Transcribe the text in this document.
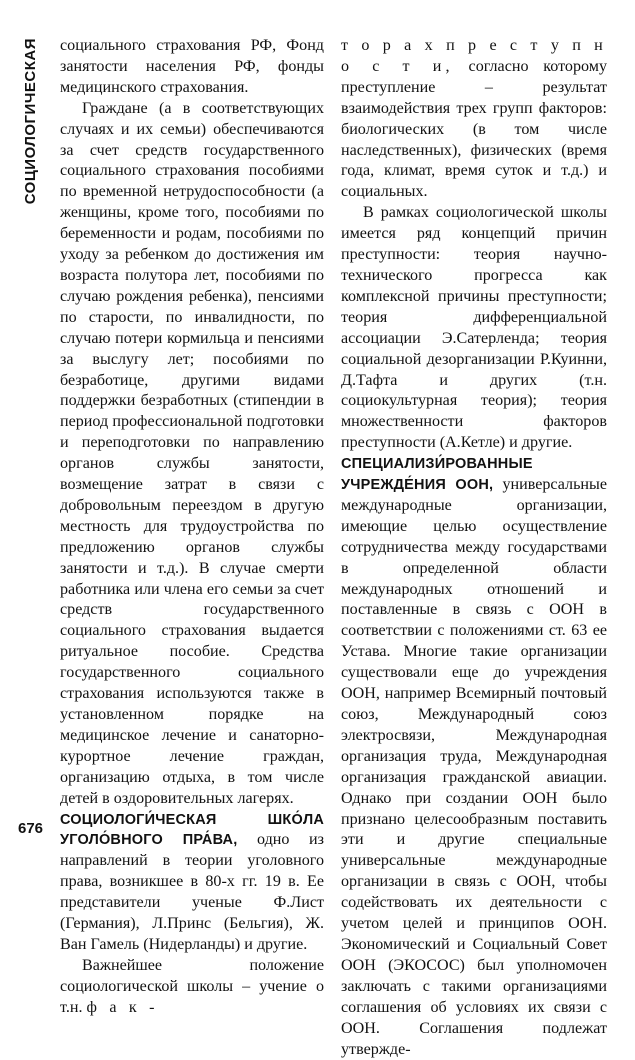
СОЦИОЛОГИЧЕСКАЯ социального страхования РФ, Фонд занятости населения РФ, фонды медицинского страхования.

Граждане (а в соответствующих случаях и их семьи) обеспечиваются за счет средств государственного социального страхования пособиями по временной нетрудоспособности (а женщины, кроме того, пособиями по беременности и родам, пособиями по уходу за ребенком до достижения им возраста полутора лет, пособиями по случаю рождения ребенка), пенсиями по старости, по инвалидности, по случаю потери кормильца и пенсиями за выслугу лет; пособиями по безработице, другими видами поддержки безработных (стипендии в период профессиональной подготовки и переподготовки по направлению органов службы занятости, возмещение затрат в связи с добровольным переездом в другую местность для трудоустройства по предложению органов службы занятости и т.д.). В случае смерти работника или члена его семьи за счет средств государственного социального страхования выдается ритуальное пособие. Средства государственного социального страхования используются также в установленном порядке на медицинское лечение и санаторно-курортное лечение граждан, организацию отдыха, в том числе детей в оздоровительных лагерях.

СОЦИОЛОГИ́ЧЕСКАЯ ШКО́ЛА УГОЛО́ВНОГО ПРА́ВА, одно из направлений в теории уголовного права, возникшее в 80-х гг. 19 в. Ее представители ученые Ф.Лист (Германия), Л.Принс (Бельгия), Ж. Ван Гамель (Нидерланды) и другие.

Важнейшее положение социологической школы – учение о т.н. ф а к -

т о р а х п р е с т у п н о с т и, согласно которому преступление – результат взаимодействия трех групп факторов: биологических (в том числе наследственных), физических (время года, климат, время суток и т.д.) и социальных.

В рамках социологической школы имеется ряд концепций причин преступности: теория научно-технического прогресса как комплексной причины преступности; теория дифференциальной ассоциации Э.Сатерленда; теория социальной дезорганизации Р.Куинни, Д.Тафта и других (т.н. социокультурная теория); теория множественности факторов преступности (А.Кетле) и другие.

СПЕЦИАЛИЗИ́РОВАННЫЕ УЧРЕЖДЕ́НИЯ ООН, универсальные международные организации, имеющие целью осуществление сотрудничества между государствами в определенной области международных отношений и поставленные в связь с ООН в соответствии с положениями ст. 63 ее Устава. Многие такие организации существовали еще до учреждения ООН, например Всемирный почтовый союз, Международный союз электросвязи, Международная организация труда, Международная организация гражданской авиации. Однако при создании ООН было признано целесообразным поставить эти и другие специальные универсальные международные организации в связь с ООН, чтобы содействовать их деятельности с учетом целей и принципов ООН. Экономический и Социальный Совет ООН (ЭКОСОС) был уполномочен заключать с такими организациями соглашения об условиях их связи с ООН. Соглашения подлежат утвержде-

676
